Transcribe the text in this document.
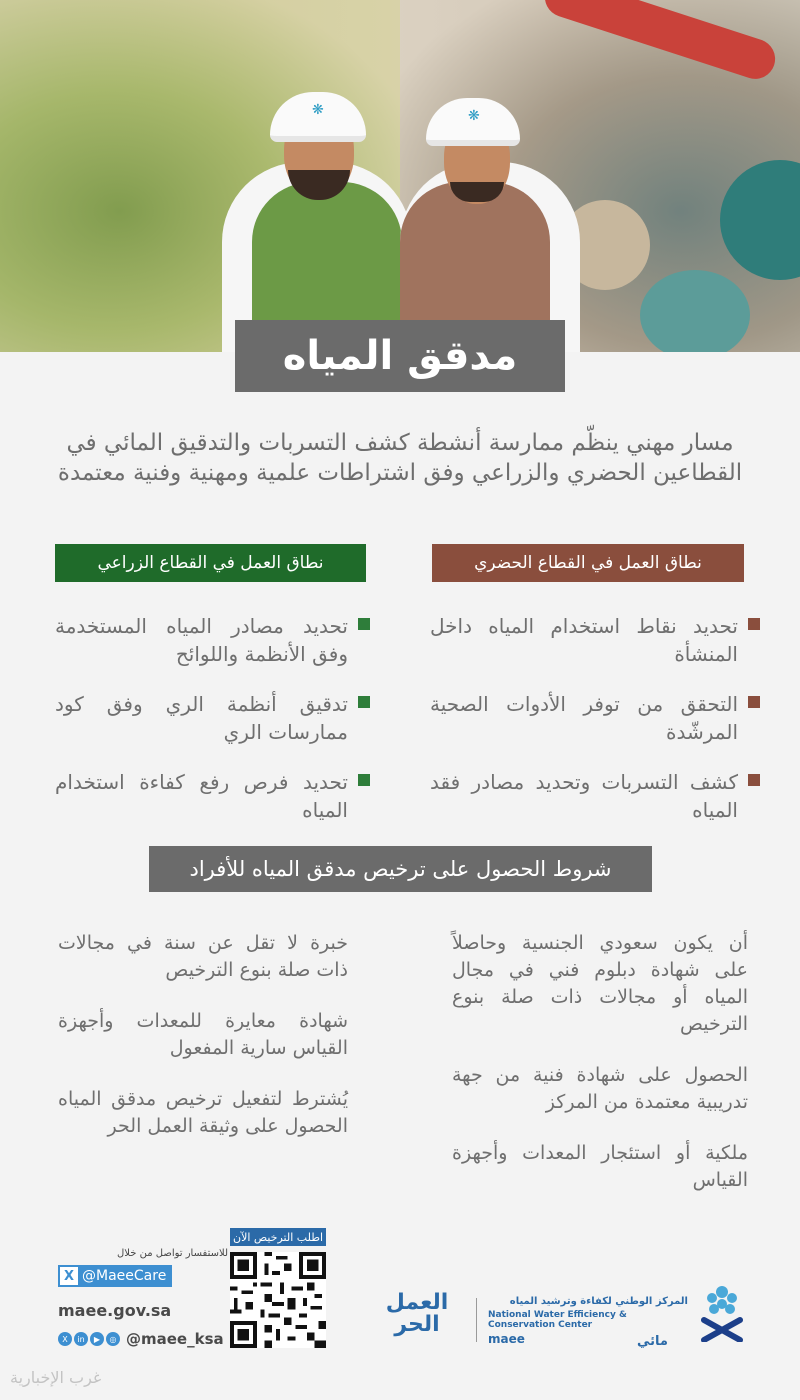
❋	❋
مدقق المياه
مسار مهني ينظّم ممارسة أنشطة كشف التسربات والتدقيق المائي في القطاعين الحضري والزراعي وفق اشتراطات علمية ومهنية وفنية معتمدة
نطاق العمل في القطاع الحضري
نطاق العمل في القطاع الزراعي
تحديد نقاط استخدام المياه داخل المنشأة
التحقق من توفر الأدوات الصحية المرشّدة
كشف التسربات وتحديد مصادر فقد المياه
تحديد مصادر المياه المستخدمة وفق الأنظمة واللوائح
تدقيق أنظمة الري وفق كود ممارسات الري
تحديد فرص رفع كفاءة استخدام المياه
شروط الحصول على ترخيص مدقق المياه للأفراد
أن يكون سعودي الجنسية وحاصلاً على شهادة دبلوم فني في مجال المياه أو مجالات ذات صلة بنوع الترخيص
الحصول على شهادة فنية من جهة تدريبية معتمدة من المركز
ملكية أو استئجار المعدات وأجهزة القياس
خبرة لا تقل عن سنة في مجالات ذات صلة بنوع الترخيص
شهادة معايرة للمعدات وأجهزة القياس سارية المفعول
يُشترط لتفعيل ترخيص مدقق المياه الحصول على وثيقة العمل الحر
للاستفسار تواصل من خلال
X @MaeeCare
maee.gov.sa
X	in	▶	◎ @maee_ksa
اطلب الترخيص الآن
العمل الحر
المركز الوطني لكفاءة وترشيد المياه
National Water Efficiency & Conservation Center
maee	مائي
غرب الإخبارية
